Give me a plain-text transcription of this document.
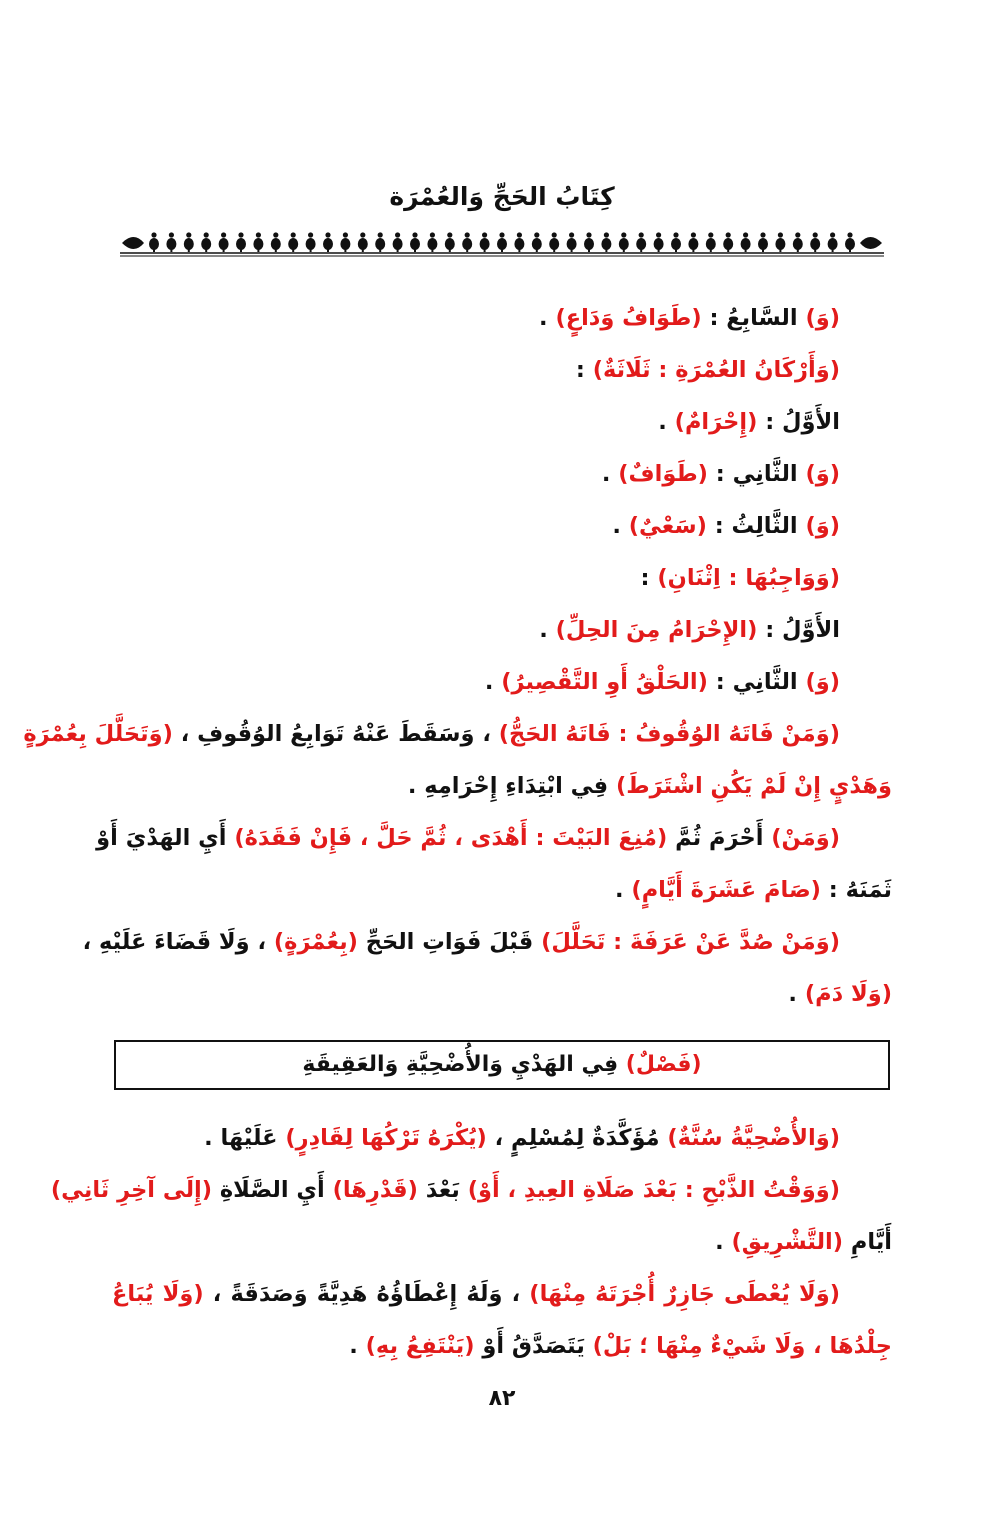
كِتَابُ الحَجِّ وَالعُمْرَة
(وَ) السَّابِعُ : (طَوَافُ وَدَاعٍ) .
(وَأَرْكَانُ العُمْرَةِ : ثَلَاثَةٌ) :
الأَوَّلُ : (إِحْرَامٌ) .
(وَ) الثَّانِي : (طَوَافٌ) .
(وَ) الثَّالِثُ : (سَعْيٌ) .
(وَوَاجِبُهَا : اِثْنَانِ) :
الأَوَّلُ : (الإِحْرَامُ مِنَ الحِلِّ) .
(وَ) الثَّانِي : (الحَلْقُ أَوِ التَّقْصِيرُ) .
(وَمَنْ فَاتَهُ الوُقُوفُ : فَاتَهُ الحَجُّ) ، وَسَقَطَ عَنْهُ تَوَابِعُ الوُقُوفِ ، (وَتَحَلَّلَ بِعُمْرَةٍ
وَهَدْيٍ إِنْ لَمْ يَكُنِ اشْتَرَطَ) فِي ابْتِدَاءِ إِحْرَامِهِ .
(وَمَنْ) أَحْرَمَ ثُمَّ (مُنِعَ البَيْتَ : أَهْدَى ، ثُمَّ حَلَّ ، فَإِنْ فَقَدَهُ) أَيِ الهَدْيَ أَوْ
ثَمَنَهُ : (صَامَ عَشَرَةَ أَيَّامٍ) .
(وَمَنْ صُدَّ عَنْ عَرَفَةَ : تَحَلَّلَ) قَبْلَ فَوَاتِ الحَجِّ (بِعُمْرَةٍ) ، وَلَا قَضَاءَ عَلَيْهِ ،
(وَلَا دَمَ) .
(فَصْلٌ) فِي الهَدْيِ وَالأُضْحِيَّةِ وَالعَقِيقَةِ
(وَالأُضْحِيَّةُ سُنَّةٌ) مُؤَكَّدَةٌ لِمُسْلِمٍ ، (يُكْرَهُ تَرْكُهَا لِقَادِرٍ) عَلَيْهَا .
(وَوَقْتُ الذَّبْحِ : بَعْدَ صَلَاةِ العِيدِ ، أَوْ) بَعْدَ (قَدْرِهَا) أَيِ الصَّلَاةِ (إِلَى آخِرِ ثَانِي)
أَيَّامِ (التَّشْرِيقِ) .
(وَلَا يُعْطَى جَازِرٌ أُجْرَتَهُ مِنْهَا) ، وَلَهُ إِعْطَاؤُهُ هَدِيَّةً وَصَدَقَةً ، (وَلَا يُبَاعُ
جِلْدُهَا ، وَلَا شَيْءٌ مِنْهَا ؛ بَلْ) يَتَصَدَّقُ أَوْ (يَنْتَفِعُ بِهِ) .
٨٢
